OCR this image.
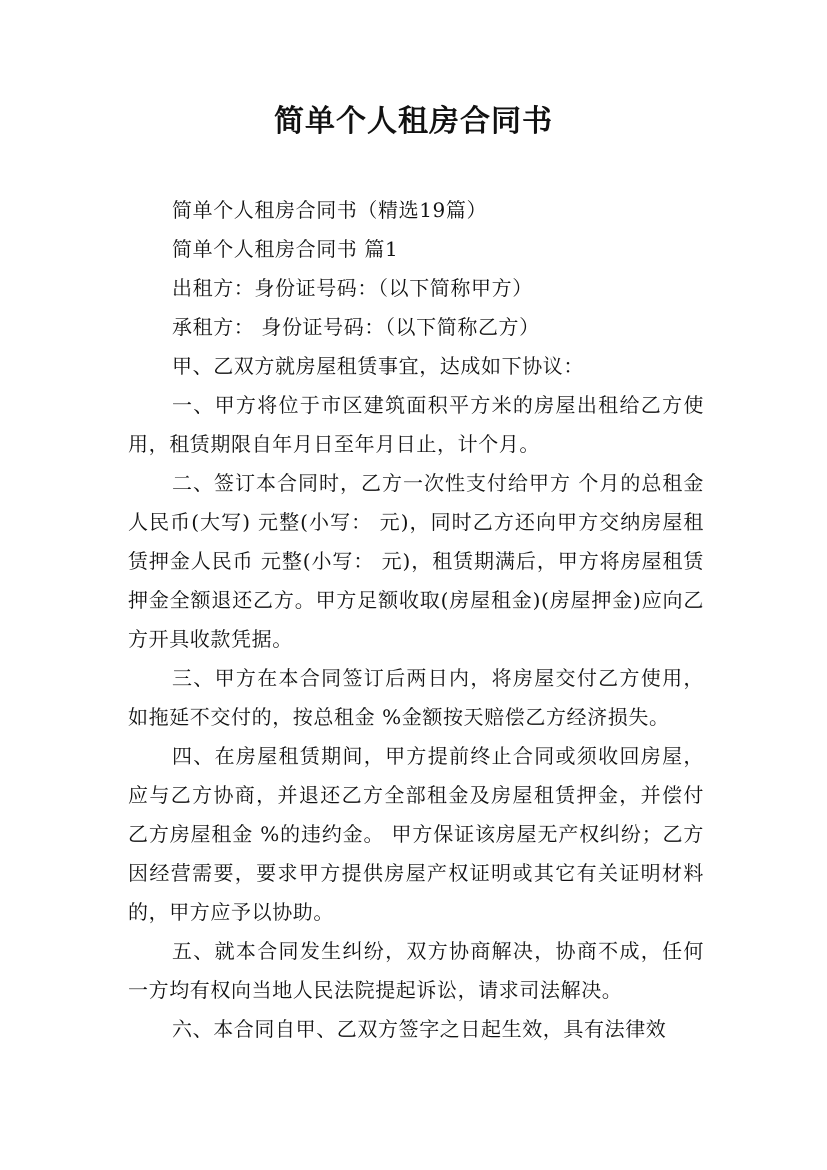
简单个人租房合同书

简单个人租房合同书（精选19篇）

简单个人租房合同书 篇1

出租方：身份证号码：（以下简称甲方）

承租方： 身份证号码：（以下简称乙方）

甲、乙双方就房屋租赁事宜，达成如下协议：

一、甲方将位于市区建筑面积平方米的房屋出租给乙方使用，租赁期限自年月日至年月日止，计个月。

二、签订本合同时，乙方一次性支付给甲方 个月的总租金人民币(大写) 元整(小写： 元)，同时乙方还向甲方交纳房屋租赁押金人民币 元整(小写： 元)，租赁期满后，甲方将房屋租赁押金全额退还乙方。甲方足额收取(房屋租金)(房屋押金)应向乙方开具收款凭据。

三、甲方在本合同签订后两日内，将房屋交付乙方使用，如拖延不交付的，按总租金 %金额按天赔偿乙方经济损失。

四、在房屋租赁期间，甲方提前终止合同或须收回房屋，应与乙方协商，并退还乙方全部租金及房屋租赁押金，并偿付乙方房屋租金 %的违约金。 甲方保证该房屋无产权纠纷；乙方因经营需要，要求甲方提供房屋产权证明或其它有关证明材料的，甲方应予以协助。

五、就本合同发生纠纷，双方协商解决，协商不成，任何一方均有权向当地人民法院提起诉讼，请求司法解决。

六、本合同自甲、乙双方签字之日起生效，具有法律效
